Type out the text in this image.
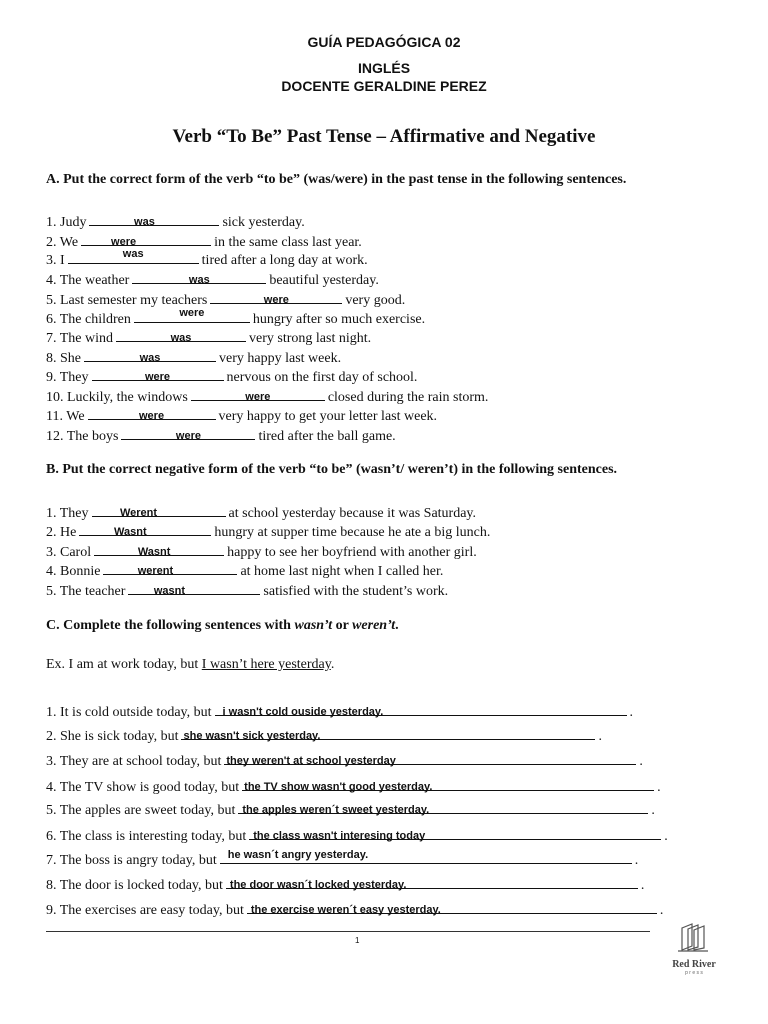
GUÍA PEDAGÓGICA 02
INGLÉS
DOCENTE GERALDINE PEREZ
Verb “To Be” Past Tense – Affirmative and Negative
A. Put the correct form of the verb “to be” (was/were) in the past tense in the following sentences.
1. Judy	was	sick yesterday.
2. We	were	in the same class last year.
3. I	was	tired after a long day at work.
4. The weather	was	beautiful yesterday.
5. Last semester my teachers	were	very good.
6. The children	were	hungry after so much exercise.
7. The wind	was	very strong last night.
8. She	was	very happy last week.
9. They	were	nervous on the first day of school.
10. Luckily, the windows	were	closed during the rain storm.
11. We	were	very happy to get your letter last week.
12. The boys	were	tired after the ball game.
B. Put the correct negative form of the verb “to be” (wasn’t/ weren’t) in the following sentences.
1. They	Werent	at school yesterday because it was Saturday.
2. He	Wasnt	hungry at supper time because he ate a big lunch.
3. Carol	Wasnt	happy to see her boyfriend with another girl.
4. Bonnie	werent	at home last night when I called her.
5. The teacher	wasnt	satisfied with the student’s work.
C. Complete the following sentences with wasn’t or weren’t.
Ex. I am at work today, but I wasn’t here yesterday.
1. It is cold outside today, but i wasn't cold ouside yesterday.	.
2. She is sick today, but she wasn't sick yesterday.	.
3. They are at school today, but they weren't at school yesterday	.
4. The TV show is good today, but the TV show wasn't good yesterday.	.
5. The apples are sweet today, but the apples weren´t sweet yesterday.	.
6. The class is interesting today, but the class wasn't interesing today	.
7. The boss is angry today, but he wasn´t angry yesterday.	.
8. The door is locked today, but the door wasn´t locked yesterday.	.
9. The exercises are easy today, but the exercise weren´t easy yesterday.	.
1
Red River
p r e s s
